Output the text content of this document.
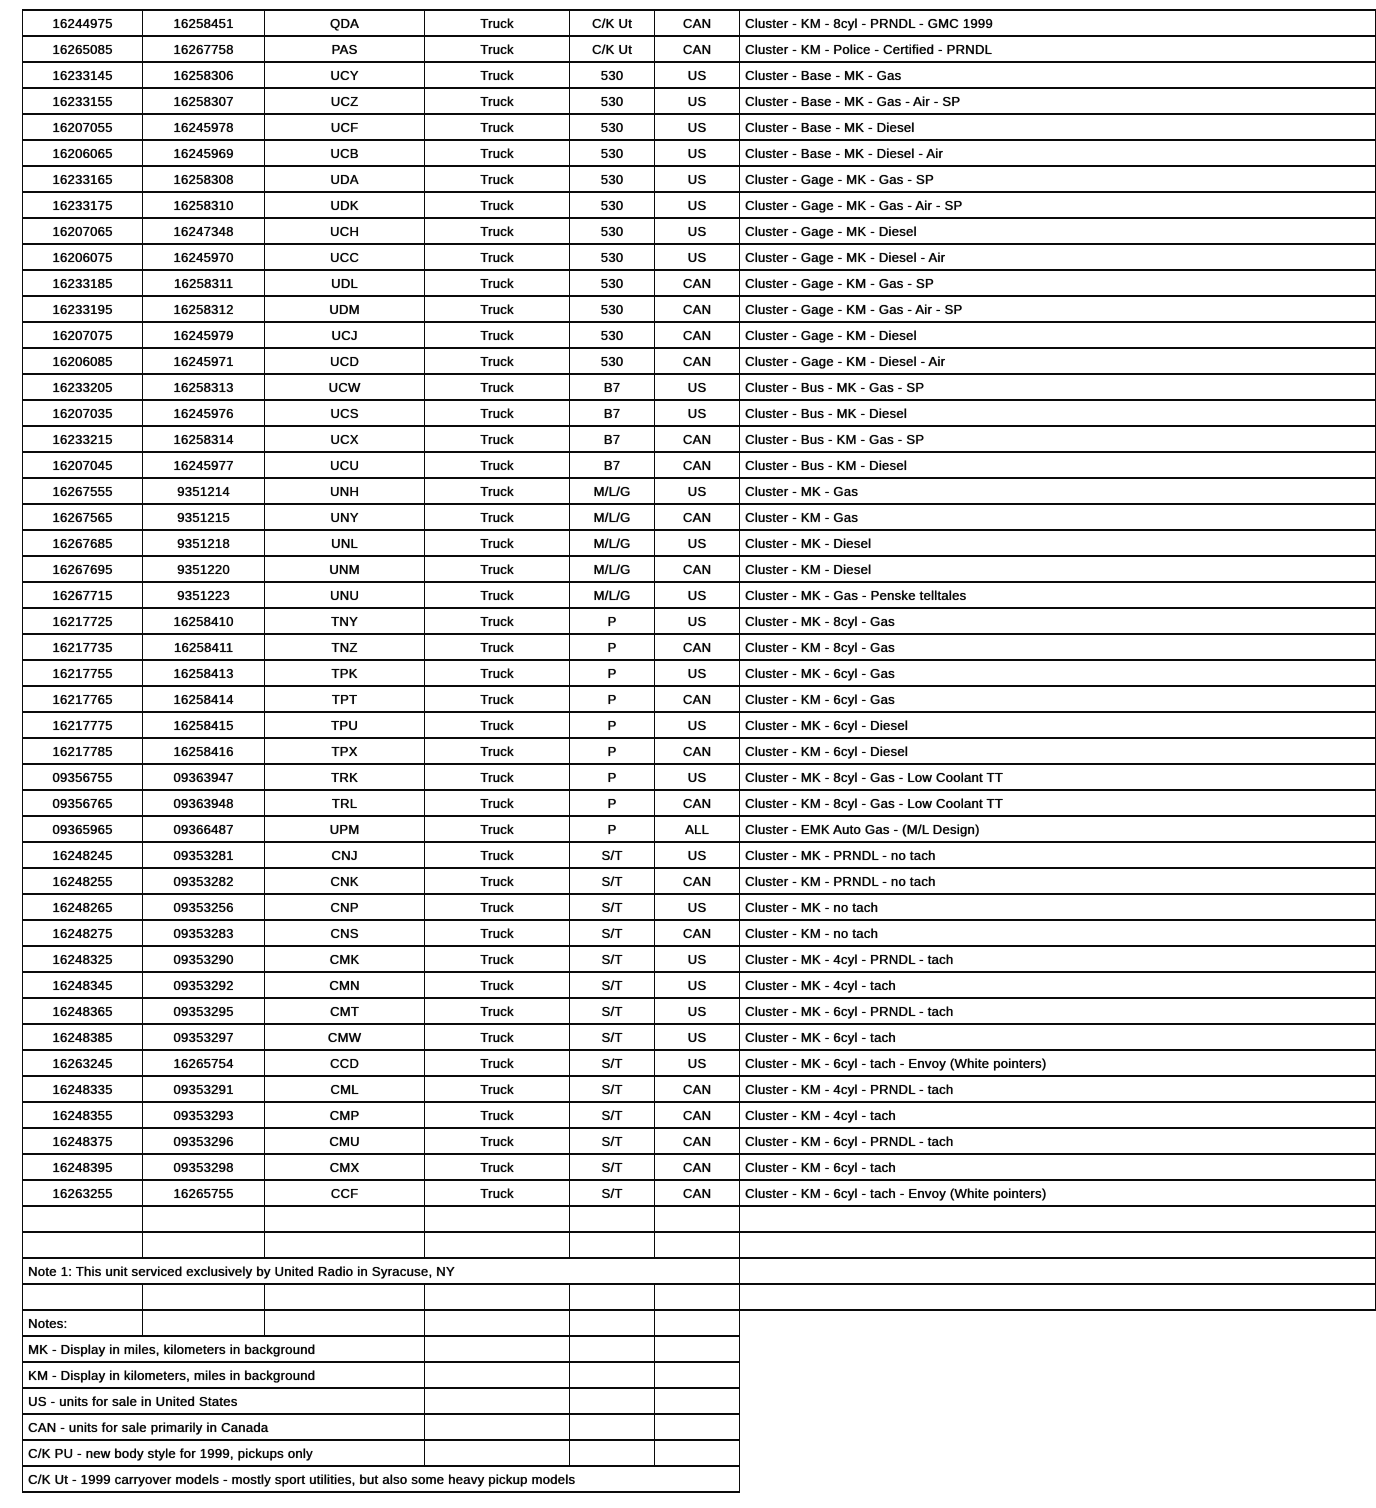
16244975	16258451	QDA	Truck	C/K Ut	CAN	Cluster - KM - 8cyl - PRNDL - GMC 1999
16265085	16267758	PAS	Truck	C/K Ut	CAN	Cluster - KM - Police - Certified - PRNDL
16233145	16258306	UCY	Truck	530	US	Cluster - Base - MK - Gas
16233155	16258307	UCZ	Truck	530	US	Cluster - Base - MK - Gas - Air - SP
16207055	16245978	UCF	Truck	530	US	Cluster - Base - MK - Diesel
16206065	16245969	UCB	Truck	530	US	Cluster - Base - MK - Diesel - Air
16233165	16258308	UDA	Truck	530	US	Cluster - Gage - MK - Gas - SP
16233175	16258310	UDK	Truck	530	US	Cluster - Gage - MK - Gas - Air - SP
16207065	16247348	UCH	Truck	530	US	Cluster - Gage - MK - Diesel
16206075	16245970	UCC	Truck	530	US	Cluster - Gage - MK - Diesel - Air
16233185	16258311	UDL	Truck	530	CAN	Cluster - Gage - KM - Gas - SP
16233195	16258312	UDM	Truck	530	CAN	Cluster - Gage - KM - Gas - Air - SP
16207075	16245979	UCJ	Truck	530	CAN	Cluster - Gage - KM - Diesel
16206085	16245971	UCD	Truck	530	CAN	Cluster - Gage - KM - Diesel - Air
16233205	16258313	UCW	Truck	B7	US	Cluster - Bus - MK - Gas - SP
16207035	16245976	UCS	Truck	B7	US	Cluster - Bus - MK - Diesel
16233215	16258314	UCX	Truck	B7	CAN	Cluster - Bus - KM - Gas - SP
16207045	16245977	UCU	Truck	B7	CAN	Cluster - Bus - KM - Diesel
16267555	9351214	UNH	Truck	M/L/G	US	Cluster - MK - Gas
16267565	9351215	UNY	Truck	M/L/G	CAN	Cluster - KM - Gas
16267685	9351218	UNL	Truck	M/L/G	US	Cluster - MK - Diesel
16267695	9351220	UNM	Truck	M/L/G	CAN	Cluster - KM - Diesel
16267715	9351223	UNU	Truck	M/L/G	US	Cluster - MK - Gas - Penske telltales
16217725	16258410	TNY	Truck	P	US	Cluster - MK - 8cyl - Gas
16217735	16258411	TNZ	Truck	P	CAN	Cluster - KM - 8cyl - Gas
16217755	16258413	TPK	Truck	P	US	Cluster - MK - 6cyl - Gas
16217765	16258414	TPT	Truck	P	CAN	Cluster - KM - 6cyl - Gas
16217775	16258415	TPU	Truck	P	US	Cluster - MK - 6cyl - Diesel
16217785	16258416	TPX	Truck	P	CAN	Cluster - KM - 6cyl - Diesel
09356755	09363947	TRK	Truck	P	US	Cluster - MK - 8cyl - Gas - Low Coolant TT
09356765	09363948	TRL	Truck	P	CAN	Cluster - KM - 8cyl - Gas - Low Coolant TT
09365965	09366487	UPM	Truck	P	ALL	Cluster - EMK Auto Gas - (M/L Design)
16248245	09353281	CNJ	Truck	S/T	US	Cluster - MK - PRNDL - no tach
16248255	09353282	CNK	Truck	S/T	CAN	Cluster - KM - PRNDL - no tach
16248265	09353256	CNP	Truck	S/T	US	Cluster - MK - no tach
16248275	09353283	CNS	Truck	S/T	CAN	Cluster - KM - no tach
16248325	09353290	CMK	Truck	S/T	US	Cluster - MK - 4cyl - PRNDL - tach
16248345	09353292	CMN	Truck	S/T	US	Cluster - MK - 4cyl - tach
16248365	09353295	CMT	Truck	S/T	US	Cluster - MK - 6cyl - PRNDL - tach
16248385	09353297	CMW	Truck	S/T	US	Cluster - MK - 6cyl - tach
16263245	16265754	CCD	Truck	S/T	US	Cluster - MK - 6cyl - tach - Envoy (White pointers)
16248335	09353291	CML	Truck	S/T	CAN	Cluster - KM - 4cyl - PRNDL - tach
16248355	09353293	CMP	Truck	S/T	CAN	Cluster - KM - 4cyl - tach
16248375	09353296	CMU	Truck	S/T	CAN	Cluster - KM - 6cyl - PRNDL - tach
16248395	09353298	CMX	Truck	S/T	CAN	Cluster - KM - 6cyl - tach
16263255	16265755	CCF	Truck	S/T	CAN	Cluster - KM - 6cyl - tach - Envoy (White pointers)

Note 1: This unit serviced exclusively by United Radio in Syracuse, NY						

Notes:						
MK - Display in miles, kilometers in background						
KM - Display in kilometers, miles in background						
US - units for sale in United States						
CAN - units for sale primarily in Canada						
C/K PU - new body style for 1999, pickups only						
C/K Ut - 1999 carryover models - mostly sport utilities, but also some heavy pickup models						
